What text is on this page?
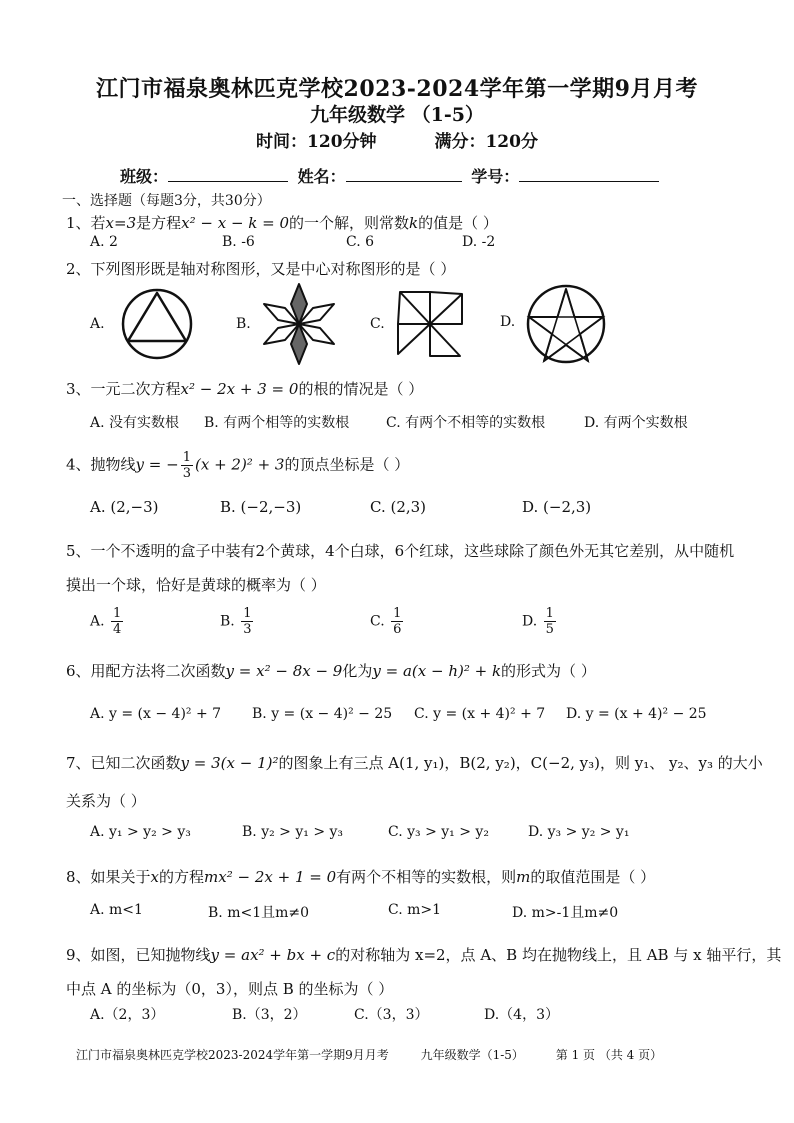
江门市福泉奥林匹克学校2023-2024学年第一学期9月月考
九年级数学 （1-5）
时间：120分钟	满分：120分
班级：	姓名：	学号：
一、选择题（每题3分，共30分）
1、若x=3是方程x² − x − k = 0的一个解，则常数k的值是（ ）
A. 2	B. -6	C. 6	D. -2
2、下列图形既是轴对称图形，又是中心对称图形的是（ ）
A.	B.	C.	D.
3、一元二次方程x² − 2x + 3 = 0的根的情况是（ ）
A. 没有实数根 B. 有两个相等的实数根	C. 有两个不相等的实数根	D. 有两个实数根
4、抛物线y = − $\frac{1}{3} (x + 2)^2 + 3$的顶点坐标是（ ）
A. (2,−3)	B. (−2,−3)	C. (2,3)	D. (−2,3)
5、一个不透明的盒子中装有2个黄球，4个白球，6个红球，这些球除了颜色外无其它差别，从中随机
摸出一个球，恰好是黄球的概率为（ ）
A. $\frac{1}{4}$	B. $\frac{1}{3}$	C. $\frac{1}{6}$	D. $\frac{1}{5}$
6、用配方法将二次函数y = x² − 8x − 9化为y = a(x − h)² + k的形式为（ ）
A. y = (x − 4)² + 7 B. y = (x − 4)² − 25 C. y = (x + 4)² + 7 D. y = (x + 4)² − 25
7、已知二次函数y = 3(x − 1)²的图象上有三点 A(1, y₁)，B(2, y₂)，C(−2, y₃)，则 y₁、 y₂、y₃ 的大小
关系为（ ）
A. y₁ > y₂ > y₃	B. y₂ > y₁ > y₃	C. y₃ > y₁ > y₂	D. y₃ > y₂ > y₁
8、如果关于x的方程mx² − 2x + 1 = 0有两个不相等的实数根，则m的取值范围是（ ）
A. m<1	B. m<1且m≠0	C. m>1	D. m>-1且m≠0
9、如图，已知抛物线y = ax² + bx + c的对称轴为 x=2，点 A、B 均在抛物线上，且 AB 与 x 轴平行，其
中点 A 的坐标为（0，3），则点 B 的坐标为（ ）
A.（2，3）	B.（3，2）	C.（3，3）	D.（4，3）
江门市福泉奥林匹克学校2023-2024学年第一学期9月月考	九年级数学（1-5）	第 1 页 （共 4 页）
